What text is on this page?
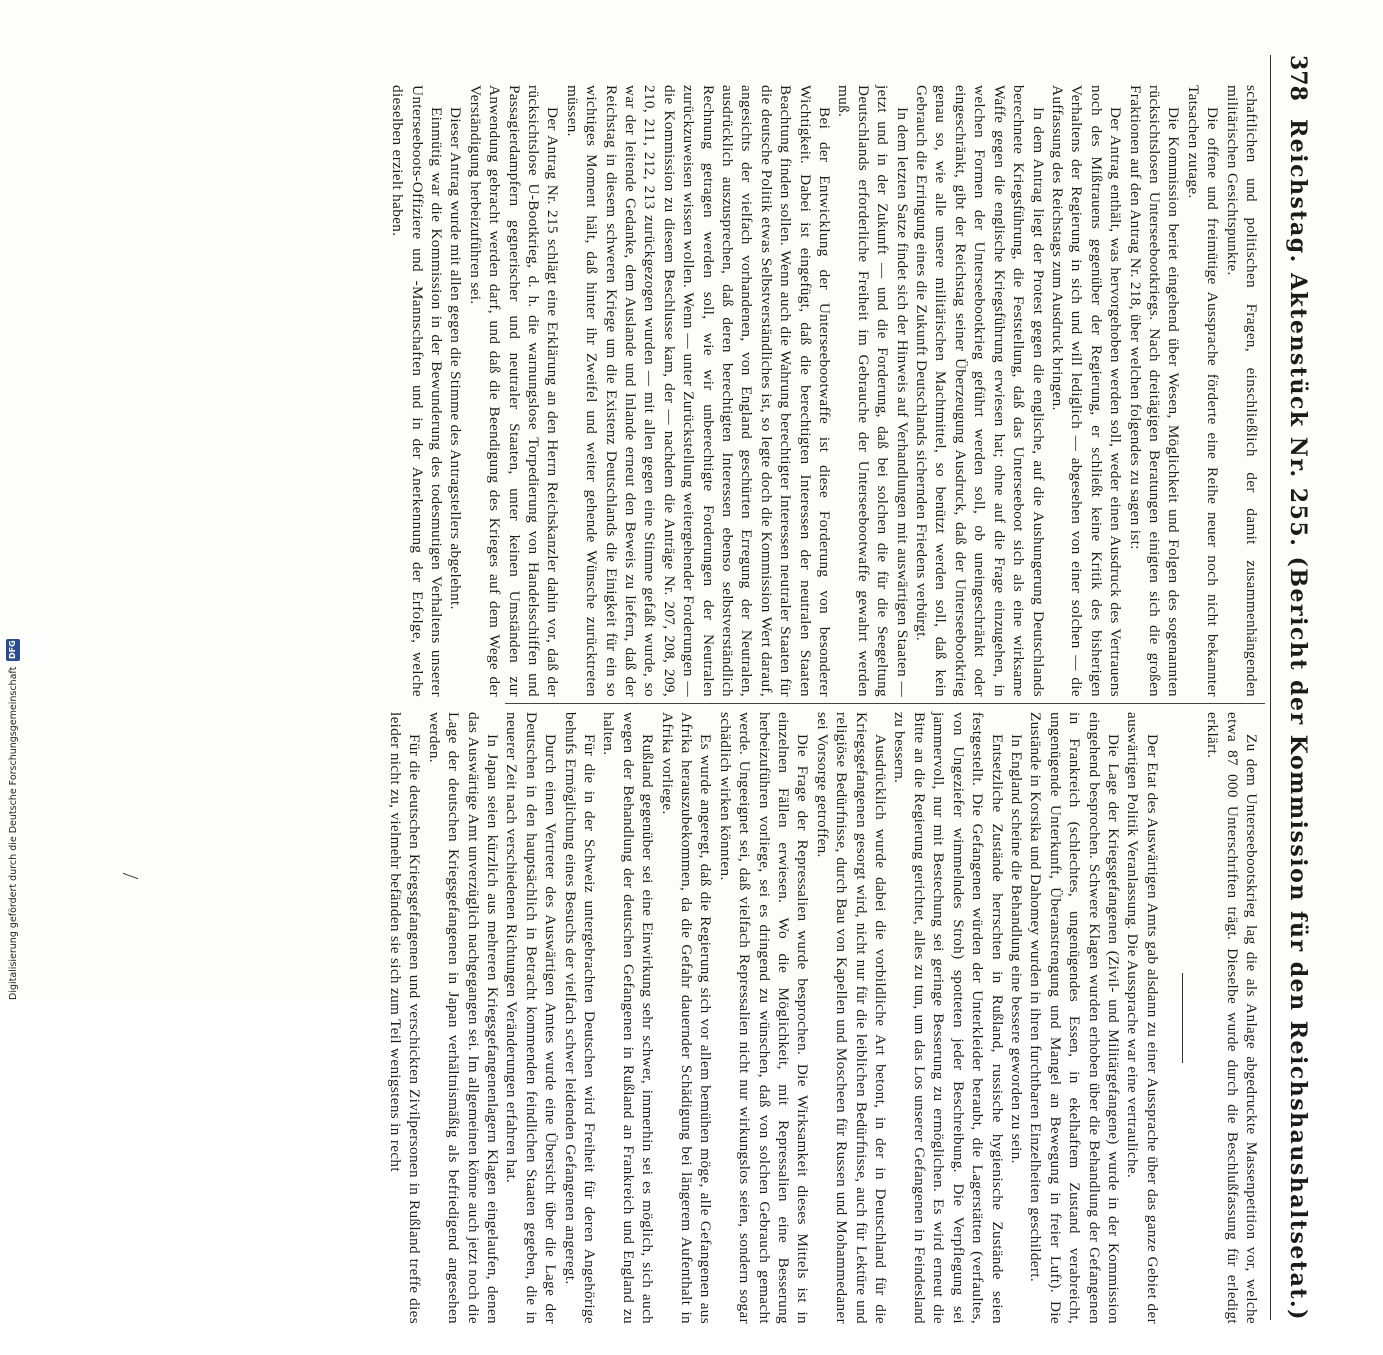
378
Reichstag. Aktenstück Nr. 255. (Bericht der Kommission für den Reichshaushaltsetat.)

schaftlichen und politischen Fragen, einschließlich der damit zusammenhängenden militärischen Gesichtspunkte.

Die offene und freimütige Aussprache förderte eine Reihe neuer noch nicht bekannter Tatsachen zutage.

Die Kommission beriet eingehend über Wesen, Möglichkeit und Folgen des sogenannten rücksichtslosen Unterseebootkriegs. Nach dreitägigen Beratungen einigten sich die großen Fraktionen auf den Antrag Nr. 218, über welchen folgendes zu sagen ist:

Der Antrag enthält, was hervorgehoben werden soll, weder einen Ausdruck des Vertrauens noch des Mißtrauens gegenüber der Regierung, er schließt keine Kritik des bisherigen Verhaltens der Regierung in sich und will lediglich — abgesehen von einer solchen — die Auffassung des Reichstags zum Ausdruck bringen.

In dem Antrag liegt der Protest gegen die englische, auf die Aushungerung Deutschlands berechnete Kriegsführung, die Feststellung, daß das Unterseeboot sich als eine wirksame Waffe gegen die englische Kriegsführung erwiesen hat; ohne auf die Frage einzugehen, in welchen Formen der Unterseebootkrieg geführt werden soll, ob uneingeschränkt oder eingeschränkt, gibt der Reichstag seiner Überzeugung Ausdruck, daß der Unterseebootkrieg genau so, wie alle unsere militärischen Machtmittel, so benützt werden soll, daß kein Gebrauch die Erringung eines die Zukunft Deutschlands sichernden Friedens verbürgt.

In dem letzten Satze findet sich der Hinweis auf Verhandlungen mit auswärtigen Staaten — jetzt und in der Zukunft — und die Forderung, daß bei solchen die für die Seegeltung Deutschlands erforderliche Freiheit im Gebrauche der Unterseebootwaffe gewahrt werden muß.

Bei der Entwicklung der Unterseebootwaffe ist diese Forderung von besonderer Wichtigkeit. Dabei ist eingefügt, daß die berechtigten Interessen der neutralen Staaten Beachtung finden sollen. Wenn auch die Wahrung berechtigter Interessen neutraler Staaten für die deutsche Politik etwas Selbstverständliches ist, so legte doch die Kommission Wert darauf, angesichts der vielfach vorhandenen, von England geschürten Erregung der Neutralen, ausdrücklich auszusprechen, daß deren berechtigten Interessen ebenso selbstverständlich Rechnung getragen werden soll, wie wir unberechtigte Forderungen der Neutralen zurückzuweisen wissen wollen. Wenn — unter Zurückstellung weitergehender Forderungen — die Kommission zu diesem Beschlusse kam, der — nachdem die Anträge Nr. 207, 208, 209, 210, 211, 212, 213 zurückgezogen wurden — mit allen gegen eine Stimme gefaßt wurde, so war der leitende Gedanke, dem Auslande und Inlande erneut den Beweis zu liefern, daß der Reichstag in diesem schweren Kriege um die Existenz Deutschlands die Einigkeit für ein so wichtiges Moment hält, daß hinter ihr Zweifel und weiter gehende Wünsche zurücktreten müssen.

Der Antrag Nr. 215 schlägt eine Erklärung an den Herrn Reichskanzler dahin vor, daß der rücksichtslose U-Bootkrieg, d. h. die warnungslose Torpedierung von Handelsschiffen und Passagierdampfern gegnerischer und neutraler Staaten, unter keinen Umständen zur Anwendung gebracht werden darf, und daß die Beendigung des Krieges auf dem Wege der Verständigung herbeizuführen sei.

Dieser Antrag wurde mit allen gegen die Stimme des Antragstellers abgelehnt.

Einmütig war die Kommission in der Bewunderung des todesmutigen Verhaltens unserer Unterseeboots-Offiziere und -Mannschaften und in der Anerkennung der Erfolge, welche dieselben erzielt haben.

Zu dem Unterseebootskrieg lag die als Anlage abgedruckte Massenpetition vor, welche etwa 87 000 Unterschriften trägt. Dieselbe wurde durch die Beschlußfassung für erledigt erklärt.

Der Etat des Auswärtigen Amts gab alsdann zu einer Aussprache über das ganze Gebiet der auswärtigen Politik Veranlassung. Die Aussprache war eine vertrauliche.

Die Lage der Kriegsgefangenen (Zivil- und Militärgefangene) wurde in der Kommission eingehend besprochen. Schwere Klagen wurden erhoben über die Behandlung der Gefangenen in Frankreich (schlechtes, ungenügendes Essen, in ekelhaftem Zustand verabreicht, ungenügende Unterkunft, Überanstrengung und Mangel an Bewegung in freier Luft). Die Zustände in Korsika und Dahomey wurden in ihren furchtbaren Einzelheiten geschildert.

In England scheine die Behandlung eine bessere geworden zu sein.

Entsetzliche Zustände herrschten in Rußland, russische hygienische Zustände seien festgestellt. Die Gefangenen würden der Unterkleider beraubt, die Lagerstätten (verfaultes, von Ungeziefer wimmelndes Stroh) spotteten jeder Beschreibung. Die Verpflegung sei jammervoll, nur mit Bestechung sei geringe Besserung zu ermöglichen. Es wird erneut die Bitte an die Regierung gerichtet, alles zu tun, um das Los unserer Gefangenen in Feindesland zu bessern.

Ausdrücklich wurde dabei die vorbildliche Art betont, in der in Deutschland für die Kriegsgefangenen gesorgt wird, nicht nur für die leiblichen Bedürfnisse, auch für Lektüre und religiöse Bedürfnisse, durch Bau von Kapellen und Moscheen für Russen und Mohammedaner sei Vorsorge getroffen.

Die Frage der Repressalien wurde besprochen. Die Wirksamkeit dieses Mittels ist in einzelnen Fällen erwiesen. Wo die Möglichkeit, mit Repressalien eine Besserung herbeizuführen vorliege, sei es dringend zu wünschen, daß von solchen Gebrauch gemacht werde. Ungeeignet sei, daß vielfach Repressalien nicht nur wirkungslos seien, sondern sogar schädlich wirken könnten.

Es wurde angeregt, daß die Regierung sich vor allem bemühen möge, alle Gefangenen aus Afrika herauszubekommen, da die Gefahr dauernder Schädigung bei längerem Aufenthalt in Afrika vorliege.

Rußland gegenüber sei eine Einwirkung sehr schwer, immerhin sei es möglich, sich auch wegen der Behandlung der deutschen Gefangenen in Rußland an Frankreich und England zu halten.

Für die in der Schweiz untergebrachten Deutschen wird Freiheit für deren Angehörige behufs Ermöglichung eines Besuchs der vielfach schwer leidenden Gefangenen angeregt.

Durch einen Vertreter des Auswärtigen Amtes wurde eine Übersicht über die Lage der Deutschen in den hauptsächlich in Betracht kommenden feindlichen Staaten gegeben, die in neuerer Zeit nach verschiedenen Richtungen Veränderungen erfahren hat.

In Japan seien kürzlich aus mehreren Kriegsgefangenenlagern Klagen eingelaufen, denen das Auswärtige Amt unverzüglich nachgegangen sei. Im allgemeinen könne auch jetzt noch die Lage der deutschen Kriegsgefangenen in Japan verhältnismäßig als befriedigend angesehen werden.

Für die deutschen Kriegsgefangenen und verschickten Zivilpersonen in Rußland treffe dies leider nicht zu, vielmehr befänden sie sich zum Teil wenigstens in recht

Digitalisierung gefördert durch die Deutsche Forschungsgemeinschaft
DFG
